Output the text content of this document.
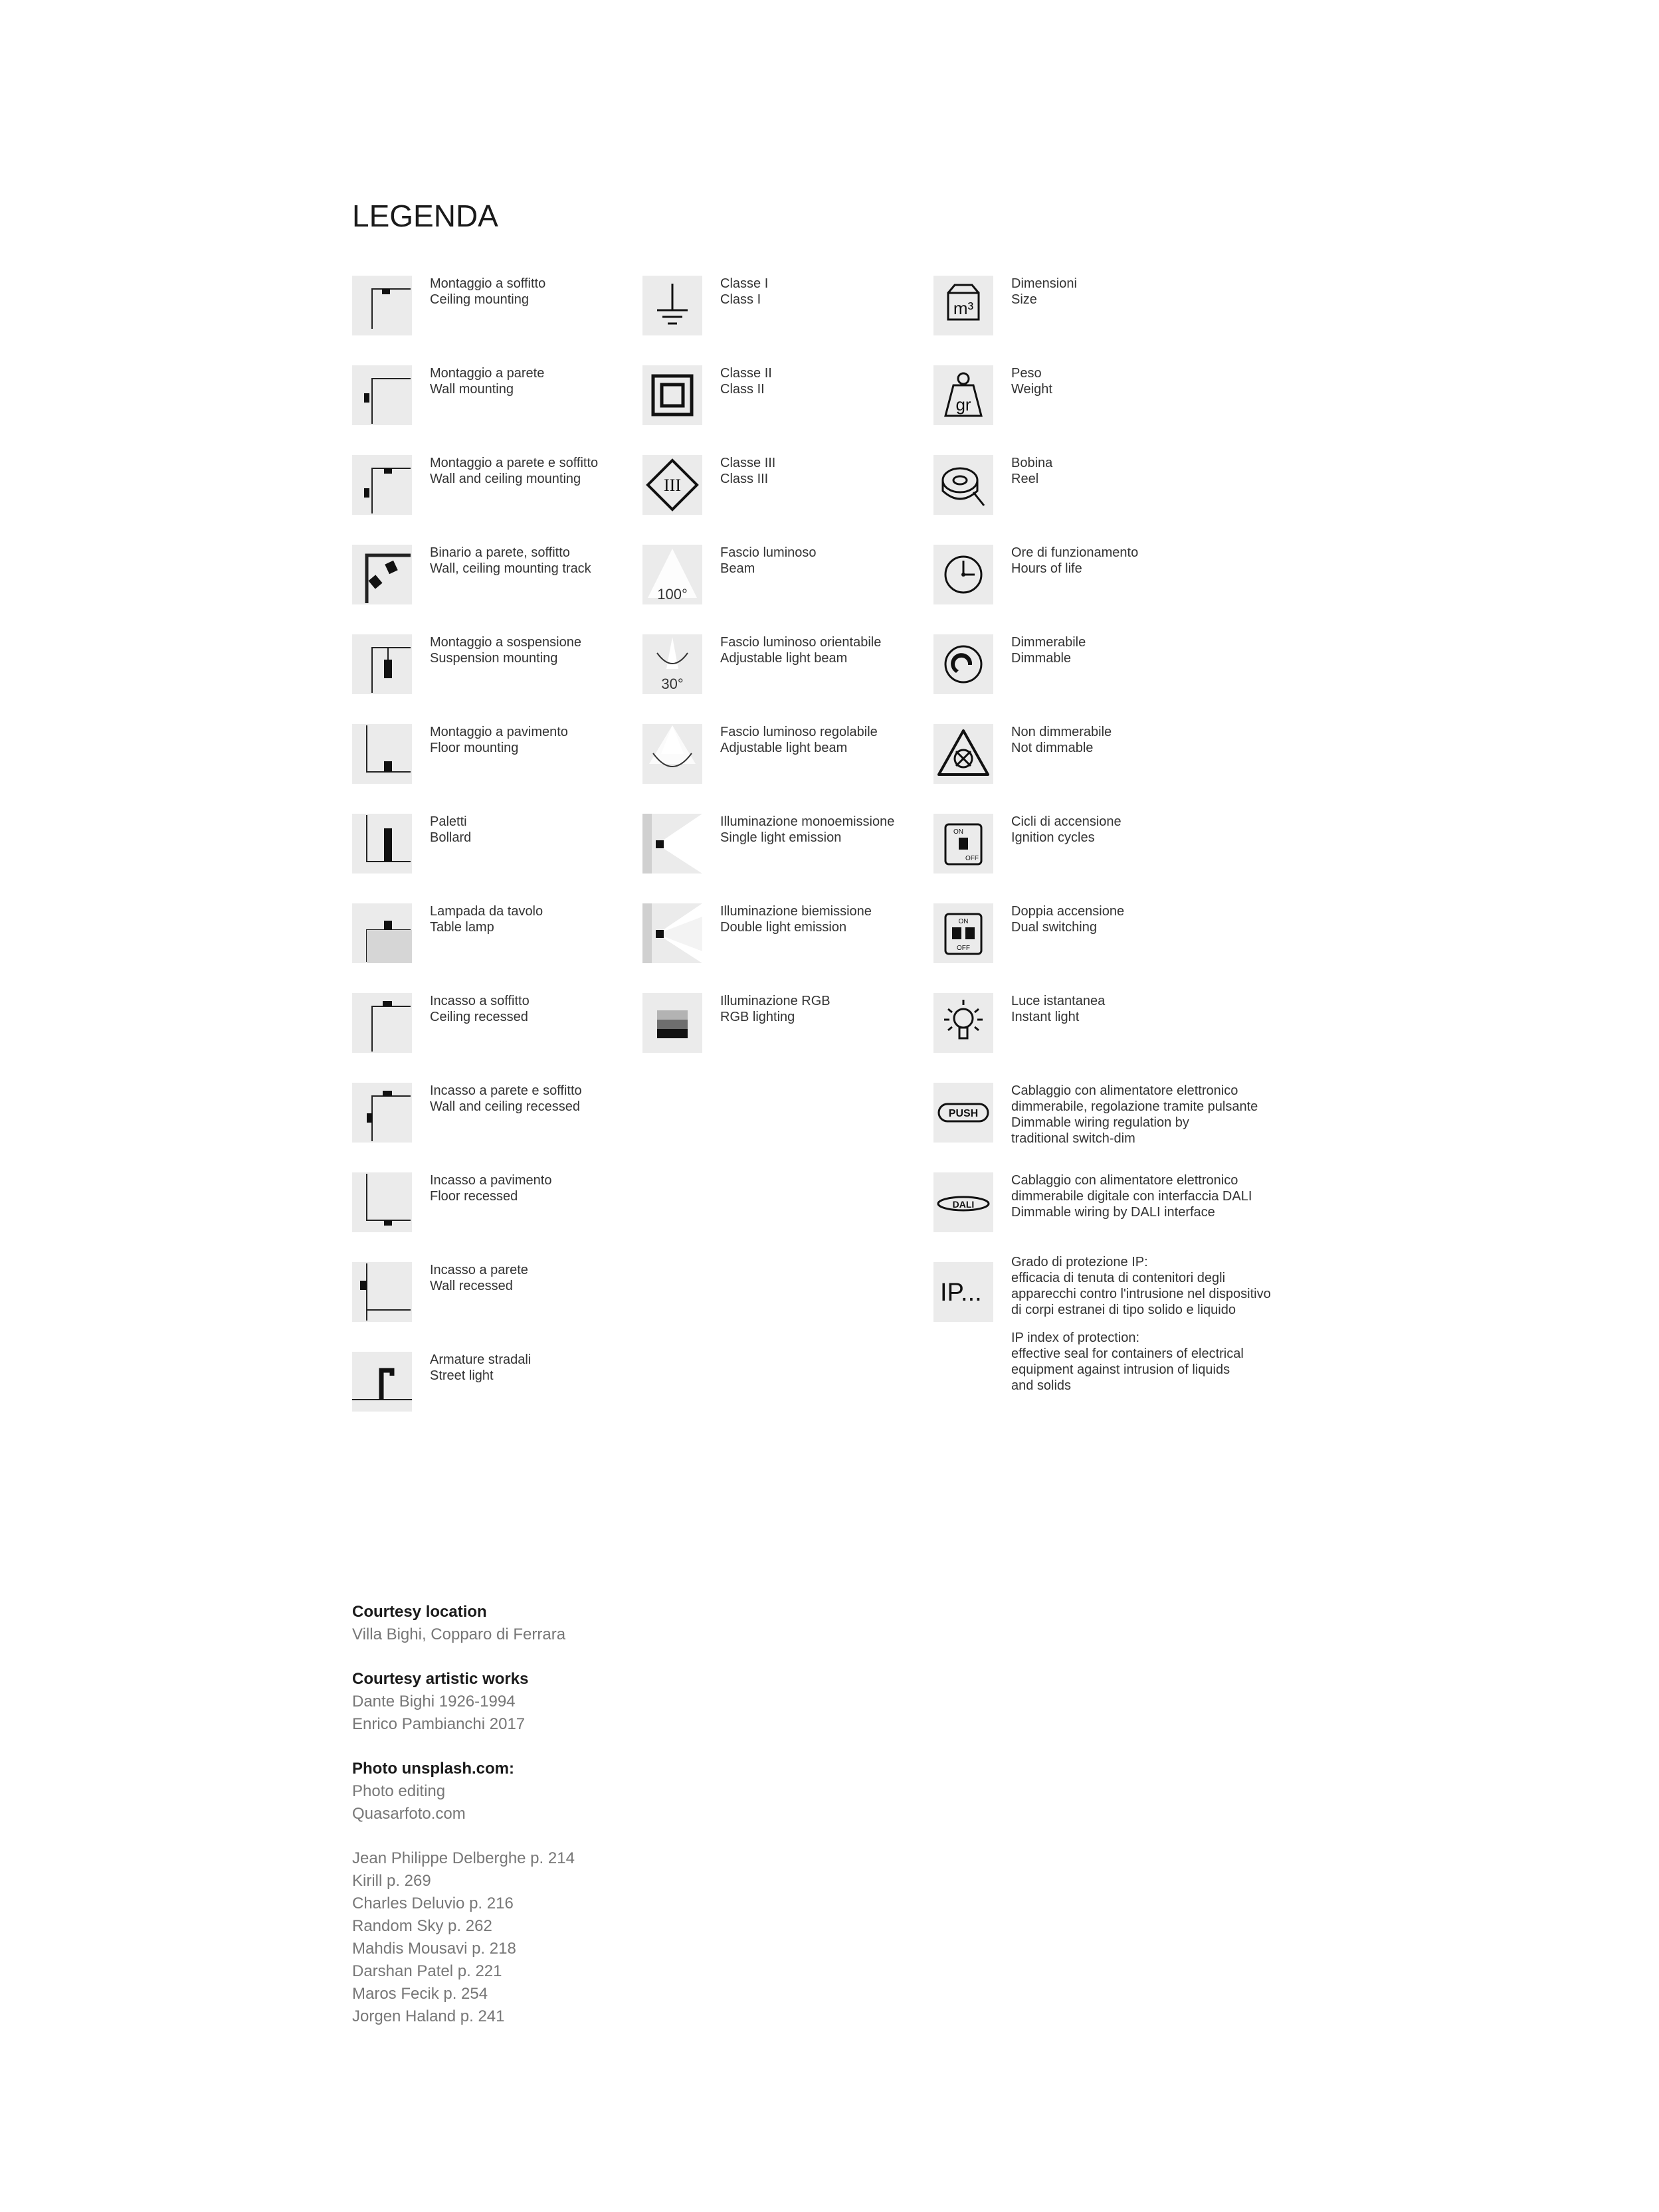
LEGENDA
Montaggio a soffitto
Ceiling mounting
Montaggio a parete
Wall mounting
Montaggio a parete e soffitto
Wall and ceiling mounting
Binario a parete, soffitto
Wall, ceiling mounting track
Montaggio a sospensione
Suspension mounting
Montaggio a pavimento
Floor mounting
Paletti
Bollard
Lampada da tavolo
Table lamp
Incasso a soffitto
Ceiling recessed
Incasso a parete e soffitto
Wall and ceiling recessed
Incasso a pavimento
Floor recessed
Incasso a parete
Wall recessed
Armature stradali
Street light
Classe I
Class I
Classe II
Class II
III
Classe III
Class III
100°
Fascio luminoso
Beam
30°
Fascio luminoso orientabile
Adjustable light beam
Fascio luminoso regolabile
Adjustable light beam
Illuminazione monoemissione
Single light emission
Illuminazione biemissione
Double light emission
Illuminazione RGB
RGB lighting
m³
Dimensioni
Size
gr
Peso
Weight
Bobina
Reel
Ore di funzionamento
Hours of life
Dimmerabile
Dimmable
Non dimmerabile
Not dimmable
ON
OFF
Cicli di accensione
Ignition cycles
ON
OFF
Doppia accensione
Dual switching
Luce istantanea
Instant light
PUSH
Cablaggio con alimentatore elettronico
dimmerabile, regolazione tramite pulsante
Dimmable wiring regulation by
traditional switch-dim
DALI
Cablaggio con alimentatore elettronico
dimmerabile digitale con interfaccia DALI
Dimmable wiring by DALI interface
IP...
Grado di protezione IP:
efficacia di tenuta di contenitori degli
apparecchi contro l'intrusione nel dispositivo
di corpi estranei di tipo solido e liquido
IP index of protection:
effective seal for containers of electrical
equipment against intrusion of liquids
and solids
Courtesy location
Villa Bighi, Copparo di Ferrara
Courtesy artistic works
Dante Bighi 1926-1994
Enrico Pambianchi 2017
Photo unsplash.com:
Photo editing
Quasarfoto.com
Jean Philippe Delberghe p. 214
Kirill p. 269
Charles Deluvio p. 216
Random Sky p. 262
Mahdis Mousavi p. 218
Darshan Patel p. 221
Maros Fecik p. 254
Jorgen Haland p. 241
